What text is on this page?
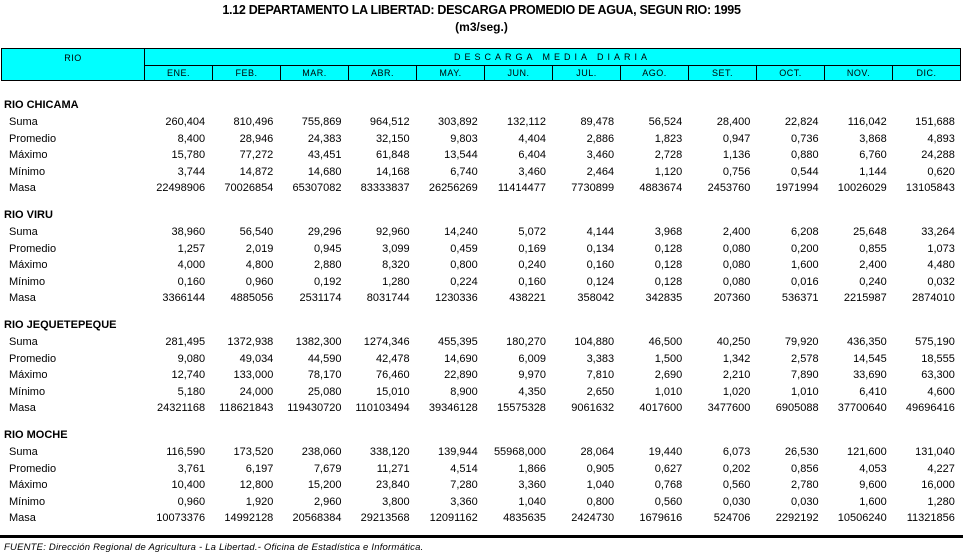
1.12 DEPARTAMENTO LA LIBERTAD: DESCARGA PROMEDIO DE AGUA, SEGUN RIO: 1995
(m3/seg.)
RIO	DESCARGA MEDIA DIARIA
ENE.	FEB.	MAR.	ABR.	MAY.	JUN.	JUL.	AGO.	SET.	OCT.	NOV.	DIC.
RIO CHICAMA
Suma	260,404	810,496	755,869	964,512	303,892	132,112	89,478	56,524	28,400	22,824	116,042	151,688
Promedio	8,400	28,946	24,383	32,150	9,803	4,404	2,886	1,823	0,947	0,736	3,868	4,893
Máximo	15,780	77,272	43,451	61,848	13,544	6,404	3,460	2,728	1,136	0,880	6,760	24,288
Mínimo	3,744	14,872	14,680	14,168	6,740	3,460	2,464	1,120	0,756	0,544	1,144	0,620
Masa	22498906	70026854	65307082	83333837	26256269	11414477	7730899	4883674	2453760	1971994	10026029	13105843
RIO VIRU
Suma	38,960	56,540	29,296	92,960	14,240	5,072	4,144	3,968	2,400	6,208	25,648	33,264
Promedio	1,257	2,019	0,945	3,099	0,459	0,169	0,134	0,128	0,080	0,200	0,855	1,073
Máximo	4,000	4,800	2,880	8,320	0,800	0,240	0,160	0,128	0,080	1,600	2,400	4,480
Mínimo	0,160	0,960	0,192	1,280	0,224	0,160	0,124	0,128	0,080	0,016	0,240	0,032
Masa	3366144	4885056	2531174	8031744	1230336	438221	358042	342835	207360	536371	2215987	2874010
RIO JEQUETEPEQUE
Suma	281,495	1372,938	1382,300	1274,346	455,395	180,270	104,880	46,500	40,250	79,920	436,350	575,190
Promedio	9,080	49,034	44,590	42,478	14,690	6,009	3,383	1,500	1,342	2,578	14,545	18,555
Máximo	12,740	133,000	78,170	76,460	22,890	9,970	7,810	2,690	2,210	7,890	33,690	63,300
Mínimo	5,180	24,000	25,080	15,010	8,900	4,350	2,650	1,010	1,020	1,010	6,410	4,600
Masa	24321168	118621843	119430720	110103494	39346128	15575328	9061632	4017600	3477600	6905088	37700640	49696416
RIO MOCHE
Suma	116,590	173,520	238,060	338,120	139,944	55968,000	28,064	19,440	6,073	26,530	121,600	131,040
Promedio	3,761	6,197	7,679	11,271	4,514	1,866	0,905	0,627	0,202	0,856	4,053	4,227
Máximo	10,400	12,800	15,200	23,840	7,280	3,360	1,040	0,768	0,560	2,780	9,600	16,000
Mínimo	0,960	1,920	2,960	3,800	3,360	1,040	0,800	0,560	0,030	0,030	1,600	1,280
Masa	10073376	14992128	20568384	29213568	12091162	4835635	2424730	1679616	524706	2292192	10506240	11321856
FUENTE: Dirección Regional de Agricultura - La Libertad.- Oficina de Estadística e Informática.
